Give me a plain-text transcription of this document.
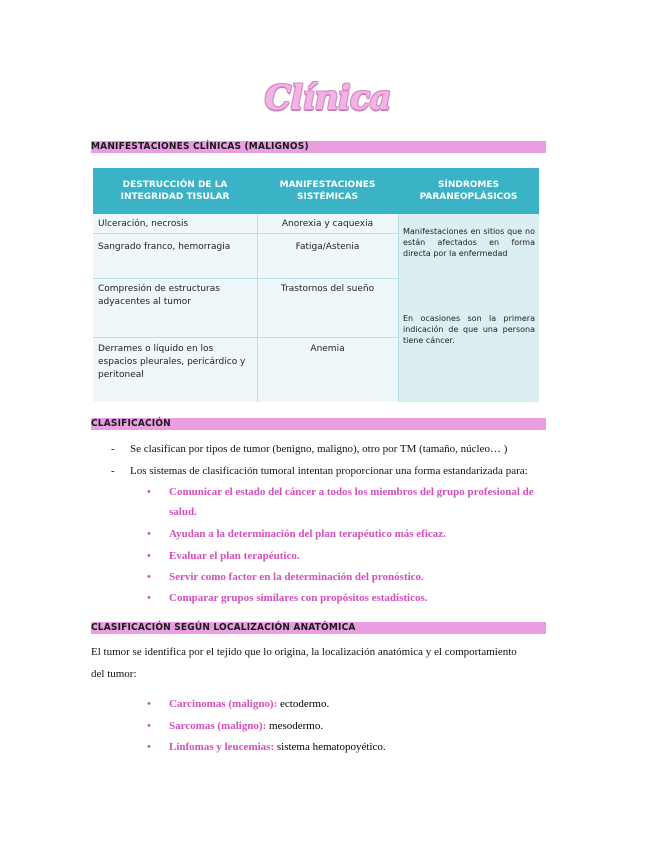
Clínica
MANIFESTACIONES CLÍNICAS (MALIGNOS)
DESTRUCCIÓN DE LA INTEGRIDAD TISULAR
MANIFESTACIONES SISTÉMICAS
SÍNDROMES PARANEOPLÁSICOS
Ulceración, necrosis	Anorexia y caquexia
Sangrado franco, hemorragia	Fatiga/Astenia
Compresión de estructuras adyacentes al tumor
Trastornos del sueño
Derrames o líquido en los espacios pleurales, pericárdico y peritoneal
Anemia
Manifestaciones en sitios que no están afectados en forma directa por la enfermedad
En ocasiones son la primera indicación de que una persona tiene cáncer.
CLASIFICACIÓN
- Se clasifican por tipos de tumor (benigno, maligno), otro por TM (tamaño, núcleo… )
- Los sistemas de clasificación tumoral intentan proporcionar una forma estandarizada para:
• Comunicar el estado del cáncer a todos los miembros del grupo profesional de
salud.
• Ayudan a la determinación del plan terapéutico más eficaz.
• Evaluar el plan terapéutico.
• Servir como factor en la determinación del pronóstico.
• Comparar grupos similares con propósitos estadísticos.
CLASIFICACIÓN SEGÚN LOCALIZACIÓN ANATÓMICA
El tumor se identifica por el tejido que lo origina, la localización anatómica y el comportamiento
del tumor:
• Carcinomas (maligno): ectodermo.
• Sarcomas (maligno): mesodermo.
• Linfomas y leucemias: sistema hematopoyético.
